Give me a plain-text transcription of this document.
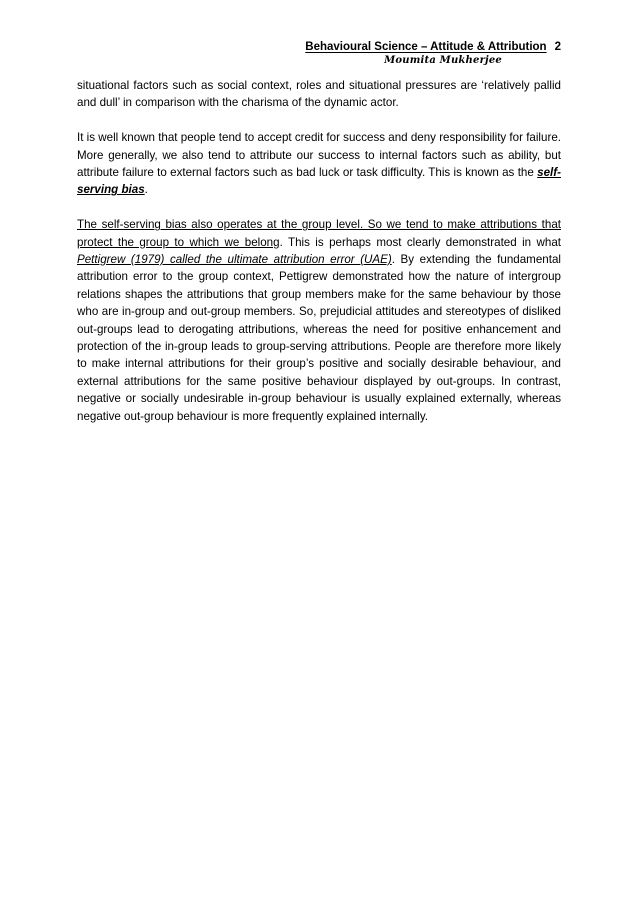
Behavioural Science – Attitude & Attribution 2
Moumita Mukherjee

situational factors such as social context, roles and situational pressures are ‘relatively pallid and dull’ in comparison with the charisma of the dynamic actor.

It is well known that people tend to accept credit for success and deny responsibility for failure. More generally, we also tend to attribute our success to internal factors such as ability, but attribute failure to external factors such as bad luck or task difficulty. This is known as the self-serving bias.

The self-serving bias also operates at the group level. So we tend to make attributions that protect the group to which we belong. This is perhaps most clearly demonstrated in what Pettigrew (1979) called the ultimate attribution error (UAE). By extending the fundamental attribution error to the group context, Pettigrew demonstrated how the nature of intergroup relations shapes the attributions that group members make for the same behaviour by those who are in-group and out-group members. So, prejudicial attitudes and stereotypes of disliked out-groups lead to derogating attributions, whereas the need for positive enhancement and protection of the in-group leads to group-serving attributions. People are therefore more likely to make internal attributions for their group’s positive and socially desirable behaviour, and external attributions for the same positive behaviour displayed by out-groups. In contrast, negative or socially undesirable in-group behaviour is usually explained externally, whereas negative out-group behaviour is more frequently explained internally.
